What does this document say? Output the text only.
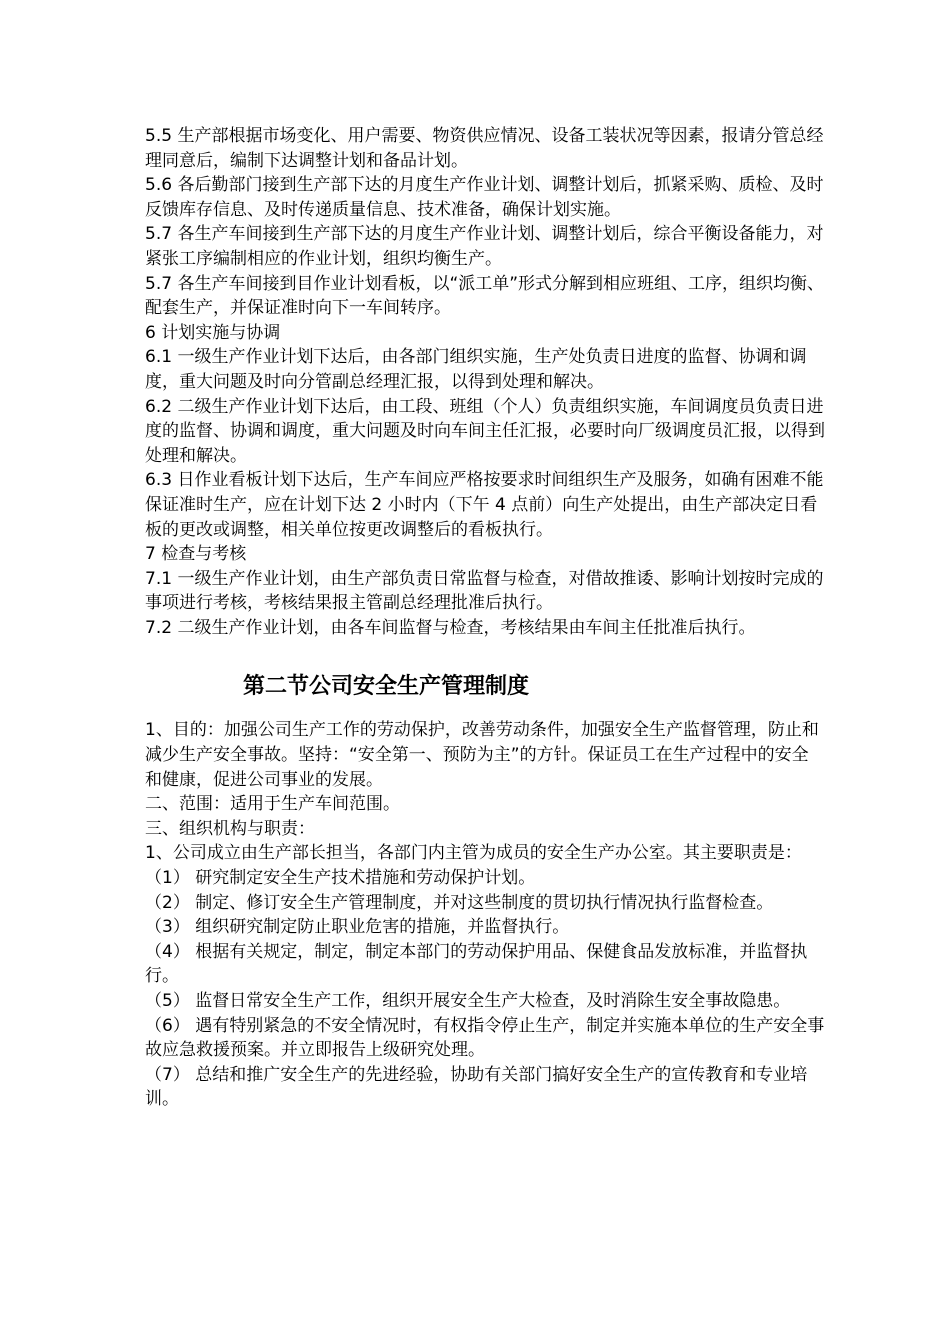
5.5 生产部根据市场变化、用户需要、物资供应情况、设备工装状况等因素，报请分管总经理同意后，编制下达调整计划和备品计划。

5.6 各后勤部门接到生产部下达的月度生产作业计划、调整计划后，抓紧采购、质检、及时反馈库存信息、及时传递质量信息、技术准备，确保计划实施。

5.7 各生产车间接到生产部下达的月度生产作业计划、调整计划后，综合平衡设备能力，对紧张工序编制相应的作业计划，组织均衡生产。

5.7 各生产车间接到目作业计划看板，以“派工单”形式分解到相应班组、工序，组织均衡、配套生产，并保证准时向下一车间转序。

6 计划实施与协调

6.1 一级生产作业计划下达后，由各部门组织实施，生产处负责日进度的监督、协调和调度，重大问题及时向分管副总经理汇报，以得到处理和解决。

6.2 二级生产作业计划下达后，由工段、班组（个人）负责组织实施，车间调度员负责日进度的监督、协调和调度，重大问题及时向车间主任汇报，必要时向厂级调度员汇报，以得到处理和解决。

6.3 日作业看板计划下达后，生产车间应严格按要求时间组织生产及服务，如确有困难不能保证准时生产，应在计划下达 2 小时内（下午 4 点前）向生产处提出，由生产部决定日看板的更改或调整，相关单位按更改调整后的看板执行。

7 检查与考核

7.1 一级生产作业计划，由生产部负责日常监督与检查，对借故推诿、影响计划按时完成的事项进行考核，考核结果报主管副总经理批准后执行。

7.2 二级生产作业计划，由各车间监督与检查，考核结果由车间主任批准后执行。

第二节公司安全生产管理制度

1、目的：加强公司生产工作的劳动保护，改善劳动条件，加强安全生产监督管理，防止和减少生产安全事故。坚持：“安全第一、预防为主”的方针。保证员工在生产过程中的安全和健康，促进公司事业的发展。

二、范围：适用于生产车间范围。

三、组织机构与职责：

1、公司成立由生产部长担当，各部门内主管为成员的安全生产办公室。其主要职责是：

（1） 研究制定安全生产技术措施和劳动保护计划。

（2） 制定、修订安全生产管理制度，并对这些制度的贯切执行情况执行监督检查。

（3） 组织研究制定防止职业危害的措施，并监督执行。

（4） 根据有关规定，制定，制定本部门的劳动保护用品、保健食品发放标准，并监督执行。

（5） 监督日常安全生产工作，组织开展安全生产大检查，及时消除生安全事故隐患。

（6） 遇有特别紧急的不安全情况时，有权指令停止生产，制定并实施本单位的生产安全事故应急救援预案。并立即报告上级研究处理。

（7） 总结和推广安全生产的先进经验，协助有关部门搞好安全生产的宣传教育和专业培训。
